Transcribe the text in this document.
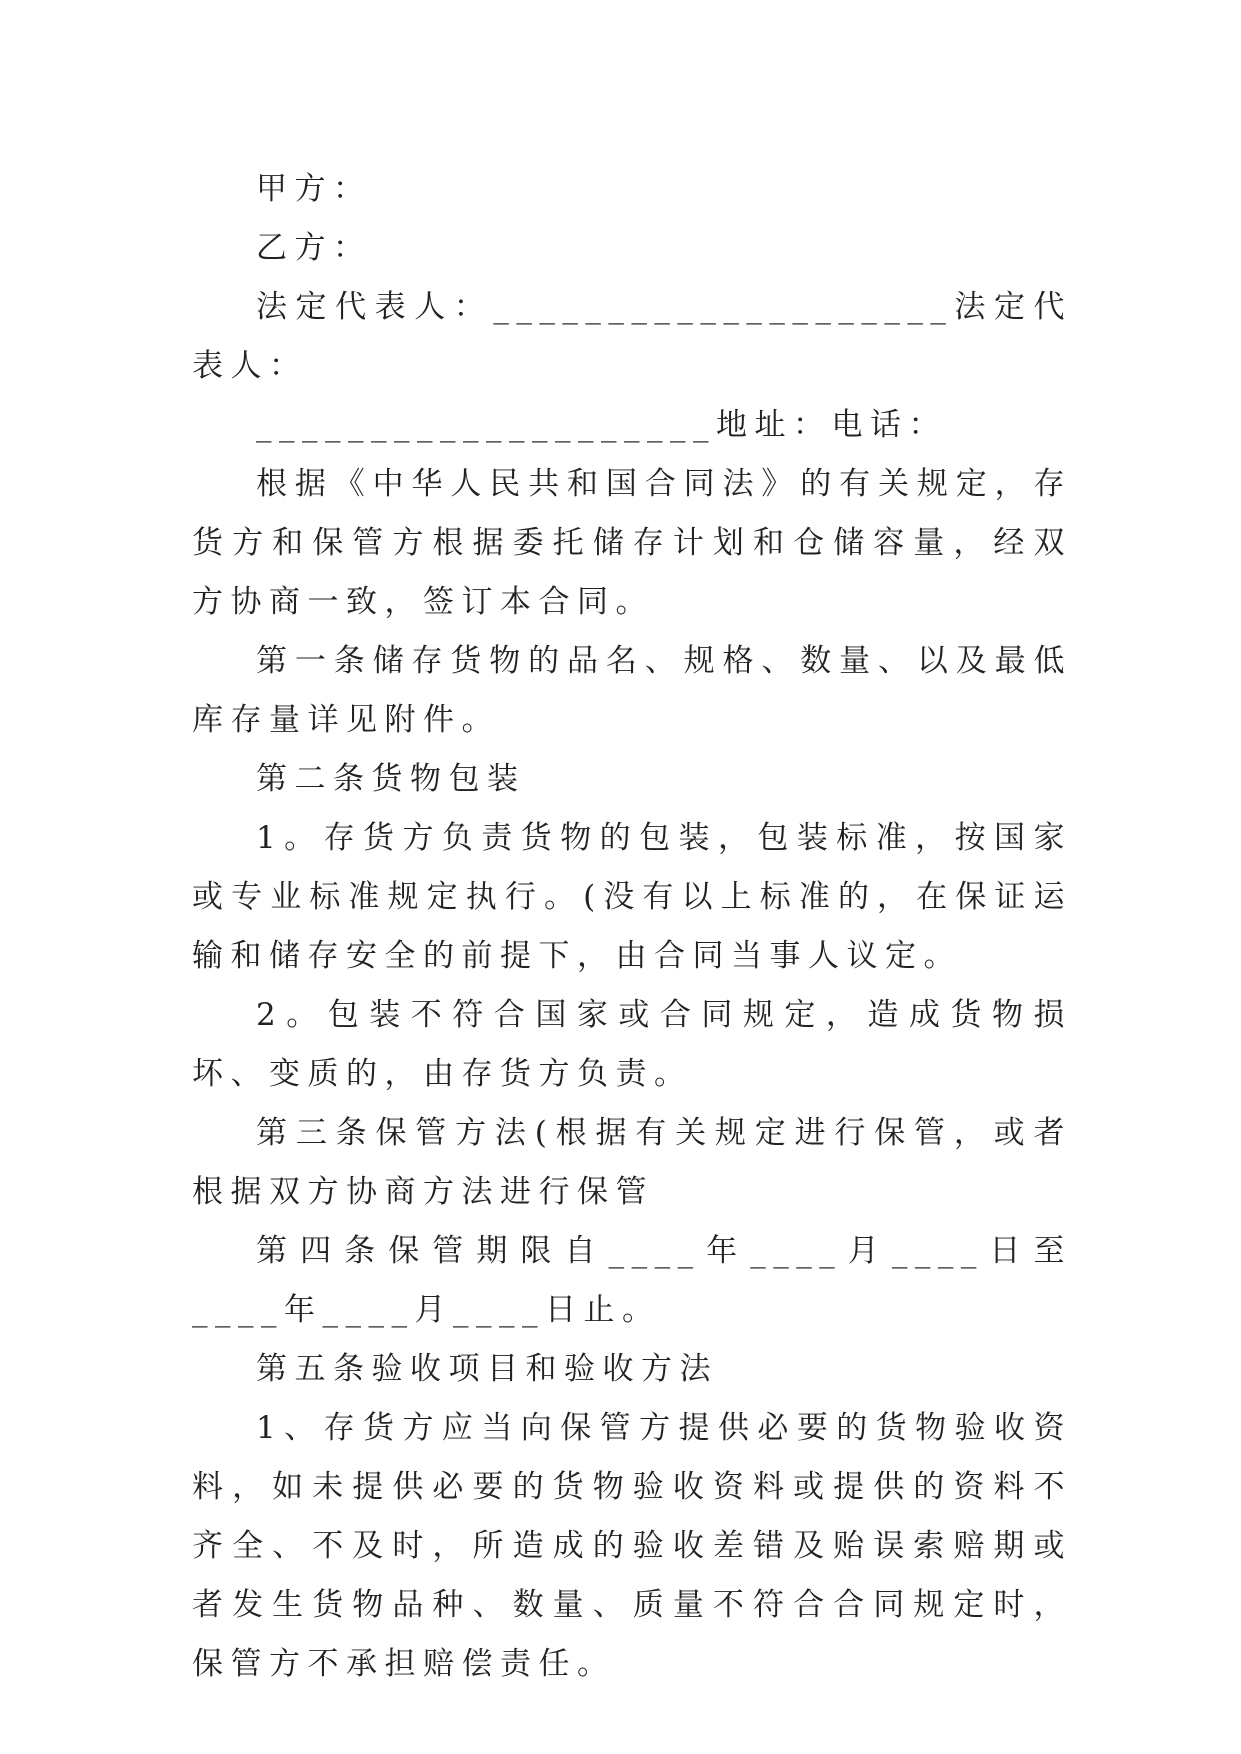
甲方：

乙方：

法定代表人：____________________法定代表人：

____________________地址：电话：

根据《中华人民共和国合同法》的有关规定，存货方和保管方根据委托储存计划和仓储容量，经双方协商一致，签订本合同。

第一条储存货物的品名、规格、数量、以及最低库存量详见附件。

第二条货物包装

1。存货方负责货物的包装，包装标准，按国家或专业标准规定执行。(没有以上标准的，在保证运输和储存安全的前提下，由合同当事人议定。

2。包装不符合国家或合同规定，造成货物损坏、变质的，由存货方负责。

第三条保管方法(根据有关规定进行保管，或者根据双方协商方法进行保管

第四条保管期限自____年____月____日至____年____月____日止。

第五条验收项目和验收方法

1、存货方应当向保管方提供必要的货物验收资料，如未提供必要的货物验收资料或提供的资料不齐全、不及时，所造成的验收差错及贻误索赔期或者发生货物品种、数量、质量不符合合同规定时，保管方不承担赔偿责任。
